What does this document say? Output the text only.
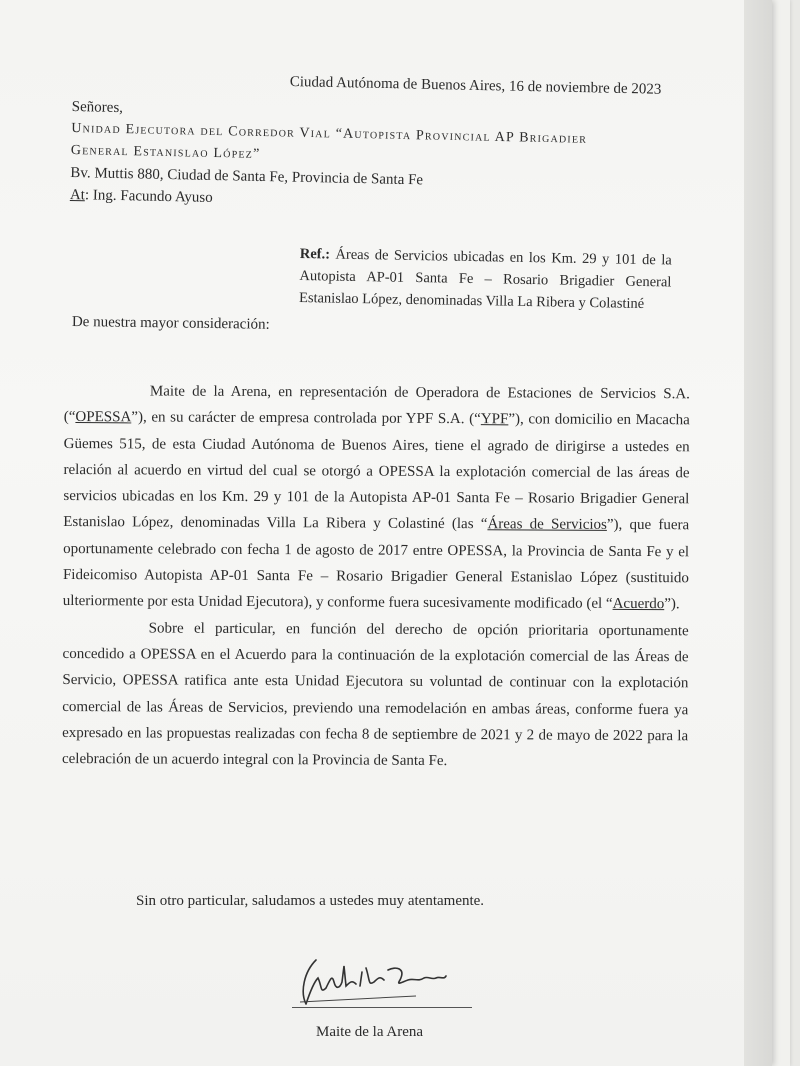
Ciudad Autónoma de Buenos Aires, 16 de noviembre de 2023
Señores,
Unidad Ejecutora del Corredor Vial “Autopista Provincial AP Brigadier
General Estanislao López”
Bv. Muttis 880, Ciudad de Santa Fe, Provincia de Santa Fe
At: Ing. Facundo Ayuso
Ref.: Áreas de Servicios ubicadas en los Km. 29 y 101 de la Autopista AP-01 Santa Fe – Rosario Brigadier General Estanislao López, denominadas Villa La Ribera y Colastiné
De nuestra mayor consideración:

Maite de la Arena, en representación de Operadora de Estaciones de Servicios S.A. (“OPESSA”), en su carácter de empresa controlada por YPF S.A. (“YPF”), con domicilio en Macacha Güemes 515, de esta Ciudad Autónoma de Buenos Aires, tiene el agrado de dirigirse a ustedes en relación al acuerdo en virtud del cual se otorgó a OPESSA la explotación comercial de las áreas de servicios ubicadas en los Km. 29 y 101 de la Autopista AP-01 Santa Fe – Rosario Brigadier General Estanislao López, denominadas Villa La Ribera y Colastiné (las “Áreas de Servicios”), que fuera oportunamente celebrado con fecha 1 de agosto de 2017 entre OPESSA, la Provincia de Santa Fe y el Fideicomiso Autopista AP-01 Santa Fe – Rosario Brigadier General Estanislao López (sustituido ulteriormente por esta Unidad Ejecutora), y conforme fuera sucesivamente modificado (el “Acuerdo”).

Sobre el particular, en función del derecho de opción prioritaria oportunamente concedido a OPESSA en el Acuerdo para la continuación de la explotación comercial de las Áreas de Servicio, OPESSA ratifica ante esta Unidad Ejecutora su voluntad de continuar con la explotación comercial de las Áreas de Servicios, previendo una remodelación en ambas áreas, conforme fuera ya expresado en las propuestas realizadas con fecha 8 de septiembre de 2021 y 2 de mayo de 2022 para la celebración de un acuerdo integral con la Provincia de Santa Fe.

Sin otro particular, saludamos a ustedes muy atentamente.
Maite de la Arena
